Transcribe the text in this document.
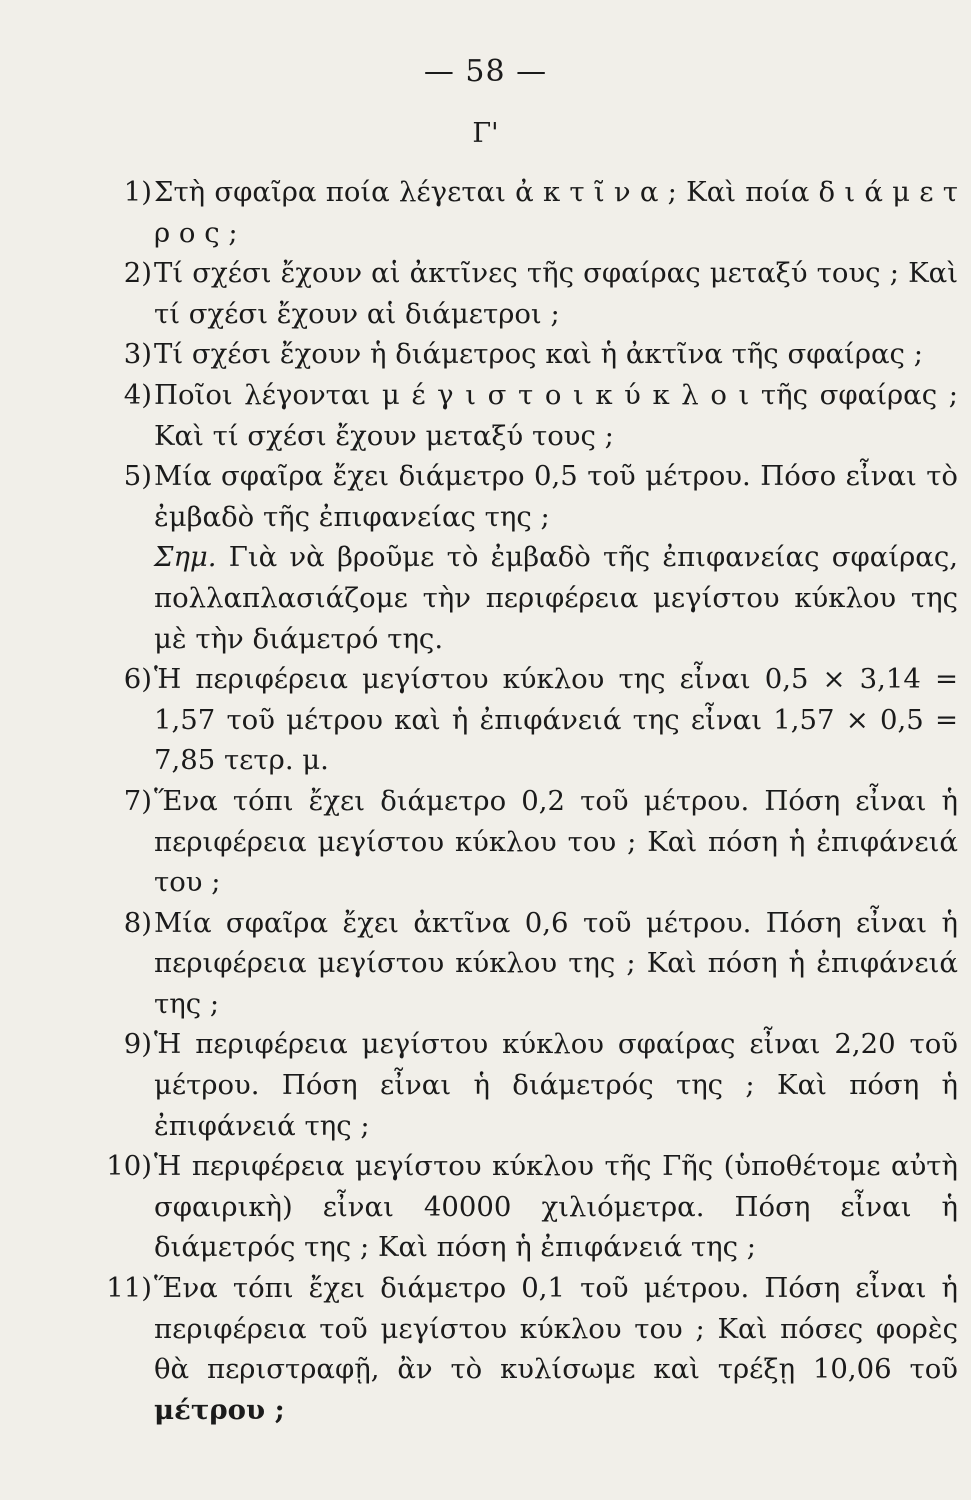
— 58 —
Γ'
1) Στὴ σφαῖρα ποία λέγεται ἀ κ τ ῖ ν α ; Καὶ ποία δ ι ά μ ε τ ρ ο ς ;
2) Τί σχέσι ἔχουν αἱ ἀκτῖνες τῆς σφαίρας μεταξύ τους ; Καὶ τί σχέσι ἔχουν αἱ διάμετροι ;
3) Τί σχέσι ἔχουν ἡ διάμετρος καὶ ἡ ἀκτῖνα τῆς σφαίρας ;
4) Ποῖοι λέγονται μ έ γ ι σ τ ο ι κ ύ κ λ ο ι τῆς σφαίρας ; Καὶ τί σχέσι ἔχουν μεταξύ τους ;
5) Μία σφαῖρα ἔχει διάμετρο 0,5 τοῦ μέτρου. Πόσο εἶναι τὸ ἐμβαδὸ τῆς ἐπιφανείας της ;
Σημ. Γιὰ νὰ βροῦμε τὸ ἐμβαδὸ τῆς ἐπιφανείας σφαίρας, πολλαπλασιάζομε τὴν περιφέρεια μεγίστου κύκλου της μὲ τὴν διάμετρό της.
6) Ἡ περιφέρεια μεγίστου κύκλου της εἶναι 0,5 × 3,14 = 1,57 τοῦ μέτρου καὶ ἡ ἐπιφάνειά της εἶναι 1,57 × 0,5 = 7,85 τετρ. μ.
7) Ἕνα τόπι ἔχει διάμετρο 0,2 τοῦ μέτρου. Πόση εἶναι ἡ περιφέρεια μεγίστου κύκλου του ; Καὶ πόση ἡ ἐπιφάνειά του ;
8) Μία σφαῖρα ἔχει ἀκτῖνα 0,6 τοῦ μέτρου. Πόση εἶναι ἡ περιφέρεια μεγίστου κύκλου της ; Καὶ πόση ἡ ἐπιφάνειά της ;
9) Ἡ περιφέρεια μεγίστου κύκλου σφαίρας εἶναι 2,20 τοῦ μέτρου. Πόση εἶναι ἡ διάμετρός της ; Καὶ πόση ἡ ἐπιφάνειά της ;
10) Ἡ περιφέρεια μεγίστου κύκλου τῆς Γῆς (ὑποθέτομε αὐτὴ σφαιρικὴ) εἶναι 40000 χιλιόμετρα. Πόση εἶναι ἡ διάμετρός της ; Καὶ πόση ἡ ἐπιφάνειά της ;
11) Ἕνα τόπι ἔχει διάμετρο 0,1 τοῦ μέτρου. Πόση εἶναι ἡ περιφέρεια τοῦ μεγίστου κύκλου του ; Καὶ πόσες φορὲς θὰ περιστραφῇ, ἂν τὸ κυλίσωμε καὶ τρέξῃ 10,06 τοῦ μέτρου ;
